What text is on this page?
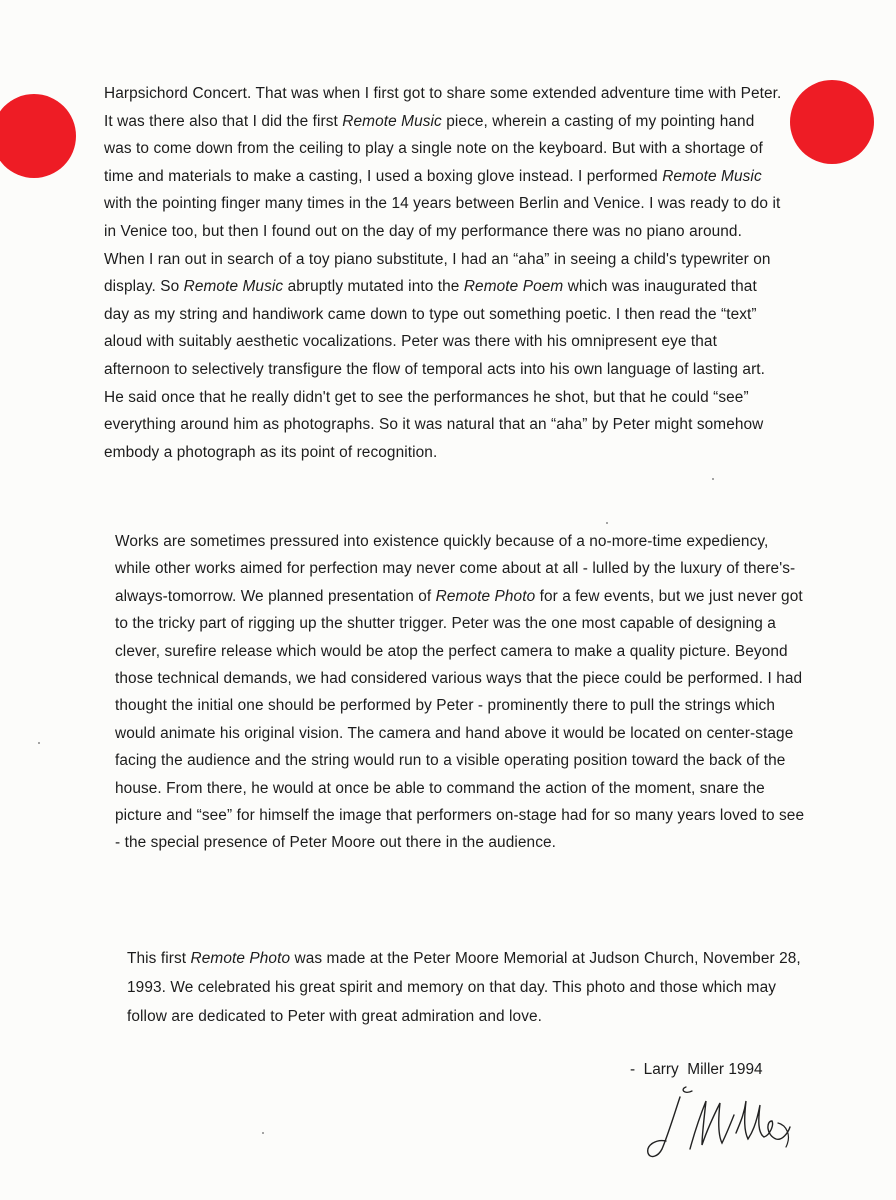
Harpsichord Concert. That was when I first got to share some extended adventure time with Peter. It was there also that I did the first Remote Music piece, wherein a casting of my pointing hand was to come down from the ceiling to play a single note on the keyboard. But with a shortage of time and materials to make a casting, I used a boxing glove instead. I performed Remote Music with the pointing finger many times in the 14 years between Berlin and Venice. I was ready to do it in Venice too, but then I found out on the day of my performance there was no piano around. When I ran out in search of a toy piano substitute, I had an “aha” in seeing a child's typewriter on display. So Remote Music abruptly mutated into the Remote Poem which was inaugurated that day as my string and handiwork came down to type out something poetic. I then read the “text” aloud with suitably aesthetic vocalizations. Peter was there with his omnipresent eye that afternoon to selectively transfigure the flow of temporal acts into his own language of lasting art. He said once that he really didn't get to see the performances he shot, but that he could “see” everything around him as photographs. So it was natural that an “aha” by Peter might somehow embody a photograph as its point of recognition.

Works are sometimes pressured into existence quickly because of a no-more-time expediency, while other works aimed for perfection may never come about at all - lulled by the luxury of there's-always-tomorrow. We planned presentation of Remote Photo for a few events, but we just never got to the tricky part of rigging up the shutter trigger. Peter was the one most capable of designing a clever, surefire release which would be atop the perfect camera to make a quality picture. Beyond those technical demands, we had considered various ways that the piece could be performed. I had thought the initial one should be performed by Peter - prominently there to pull the strings which would animate his original vision. The camera and hand above it would be located on center-stage facing the audience and the string would run to a visible operating position toward the back of the house. From there, he would at once be able to command the action of the moment, snare the picture and “see” for himself the image that performers on-stage had for so many years loved to see - the special presence of Peter Moore out there in the audience.

This first Remote Photo was made at the Peter Moore Memorial at Judson Church, November 28, 1993. We celebrated his great spirit and memory on that day. This photo and those which may follow are dedicated to Peter with great admiration and love.

-  Larry  Miller 1994
